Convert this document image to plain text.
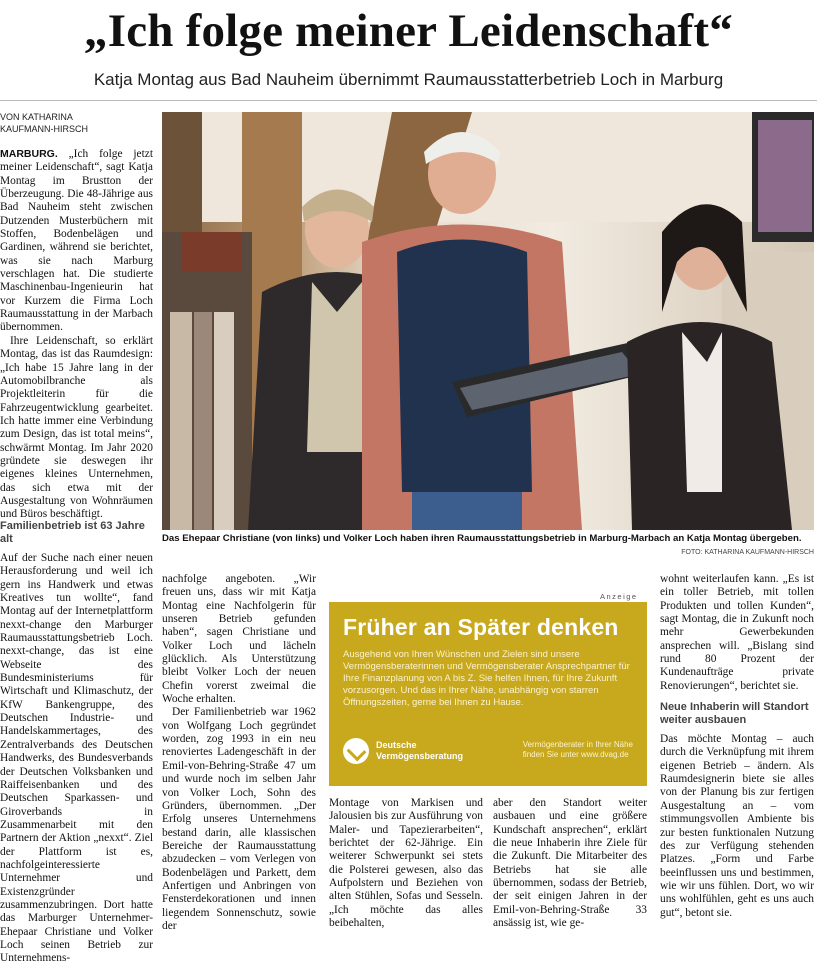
„Ich folge meiner Leidenschaft“
Katja Montag aus Bad Nauheim übernimmt Raumausstatterbetrieb Loch in Marburg
VON KATHARINA
KAUFMANN-HIRSCH

MARBURG. „Ich folge jetzt meiner Leidenschaft“, sagt Katja Montag im Brustton der Überzeugung. Die 48-Jährige aus Bad Nauheim steht zwischen Dutzenden Musterbüchern mit Stoffen, Bodenbelägen und Gardinen, während sie berichtet, was sie nach Marburg verschlagen hat. Die studierte Maschinenbau-Ingenieurin hat vor Kurzem die Firma Loch Raumausstattung in der Marbach übernommen.

Ihre Leidenschaft, so erklärt Montag, das ist das Raumdesign: „Ich habe 15 Jahre lang in der Automobilbranche als Projektleiterin für die Fahrzeugentwicklung gearbeitet. Ich hatte immer eine Verbindung zum Design, das ist total meins“, schwärmt Montag. Im Jahr 2020 gründete sie deswegen ihr eigenes kleines Unternehmen, das sich etwa mit der Ausgestaltung von Wohnräumen und Büros beschäftigt.

Familienbetrieb ist 63 Jahre alt

Auf der Suche nach einer neuen Herausforderung und weil ich gern ins Handwerk und etwas Kreatives tun wollte“, fand Montag auf der Internetplattform nexxt-change den Marburger Raumausstattungsbetrieb Loch. nexxt-change, das ist eine Webseite des Bundesministeriums für Wirtschaft und Klimaschutz, der KfW Bankengruppe, des Deutschen Industrie- und Handelskammertages, des Zentralverbands des Deutschen Handwerks, des Bundesverbands der Deutschen Volksbanken und Raiffeisenbanken und des Deutschen Sparkassen- und Giroverbands in Zusammenarbeit mit den Partnern der Aktion „nexxt“. Ziel der Plattform ist es, nachfolgeinteressierte Unternehmer und Existenzgründer zusammenzubringen. Dort hatte das Marburger Unternehmer-Ehepaar Christiane und Volker Loch seinen Betrieb zur Unternehmens-

Das Ehepaar Christiane (von links) und Volker Loch haben ihren Raumausstattungsbetrieb in Marburg-Marbach an Katja Montag übergeben.
FOTO: KATHARINA KAUFMANN-HIRSCH

nachfolge angeboten. „Wir freuen uns, dass wir mit Katja Montag eine Nachfolgerin für unseren Betrieb gefunden haben“, sagen Christiane und Volker Loch und lächeln glücklich. Als Unterstützung bleibt Volker Loch der neuen Chefin vorerst zweimal die Woche erhalten.

Der Familienbetrieb war 1962 von Wolfgang Loch gegründet worden, zog 1993 in ein neu renoviertes Ladengeschäft in der Emil-von-Behring-Straße 47 um und wurde noch im selben Jahr von Volker Loch, Sohn des Gründers, übernommen. „Der Erfolg unseres Unternehmens bestand darin, alle klassischen Bereiche der Raumausstattung abzudecken – vom Verlegen von Bodenbelägen und Parkett, dem Anfertigen und Anbringen von Fensterdekorationen und innen liegendem Sonnenschutz, sowie der

Anzeige
Früher an Später denken
Ausgehend von Ihren Wünschen und Zielen sind unsere Vermögensberaterinnen und Vermögensberater Ansprechpartner für Ihre Finanzplanung von A bis Z. Sie helfen Ihnen, für Ihre Zukunft vorzusorgen. Und das in Ihrer Nähe, unabhängig von starren Öffnungszeiten, gerne bei Ihnen zu Hause.
Deutsche
Vermögensberatung
Vermögenberater in Ihrer Nähe
finden Sie unter www.dvag.de

Montage von Markisen und Jalousien bis zur Ausführung von Maler- und Tapezierarbeiten“, berichtet der 62-Jährige. Ein weiterer Schwerpunkt sei stets die Polsterei gewesen, also das Aufpolstern und Beziehen von alten Stühlen, Sofas und Sesseln. „Ich möchte das alles beibehalten,

aber den Standort weiter ausbauen und eine größere Kundschaft ansprechen“, erklärt die neue Inhaberin ihre Ziele für die Zukunft. Die Mitarbeiter des Betriebs hat sie alle übernommen, sodass der Betrieb, der seit einigen Jahren in der Emil-von-Behring-Straße 33 ansässig ist, wie ge-

wohnt weiterlaufen kann. „Es ist ein toller Betrieb, mit tollen Produkten und tollen Kunden“, sagt Montag, die in Zukunft noch mehr Gewerbekunden ansprechen will. „Bislang sind rund 80 Prozent der Kundenaufträge private Renovierungen“, berichtet sie.

Neue Inhaberin will Standort weiter ausbauen

Das möchte Montag – auch durch die Verknüpfung mit ihrem eigenen Betrieb – ändern. Als Raumdesignerin biete sie alles von der Planung bis zur fertigen Ausgestaltung an – vom stimmungsvollen Ambiente bis zur besten funktionalen Nutzung des zur Verfügung stehenden Platzes. „Form und Farbe beeinflussen uns und bestimmen, wie wir uns fühlen. Dort, wo wir uns wohlfühlen, geht es uns auch gut“, betont sie.
